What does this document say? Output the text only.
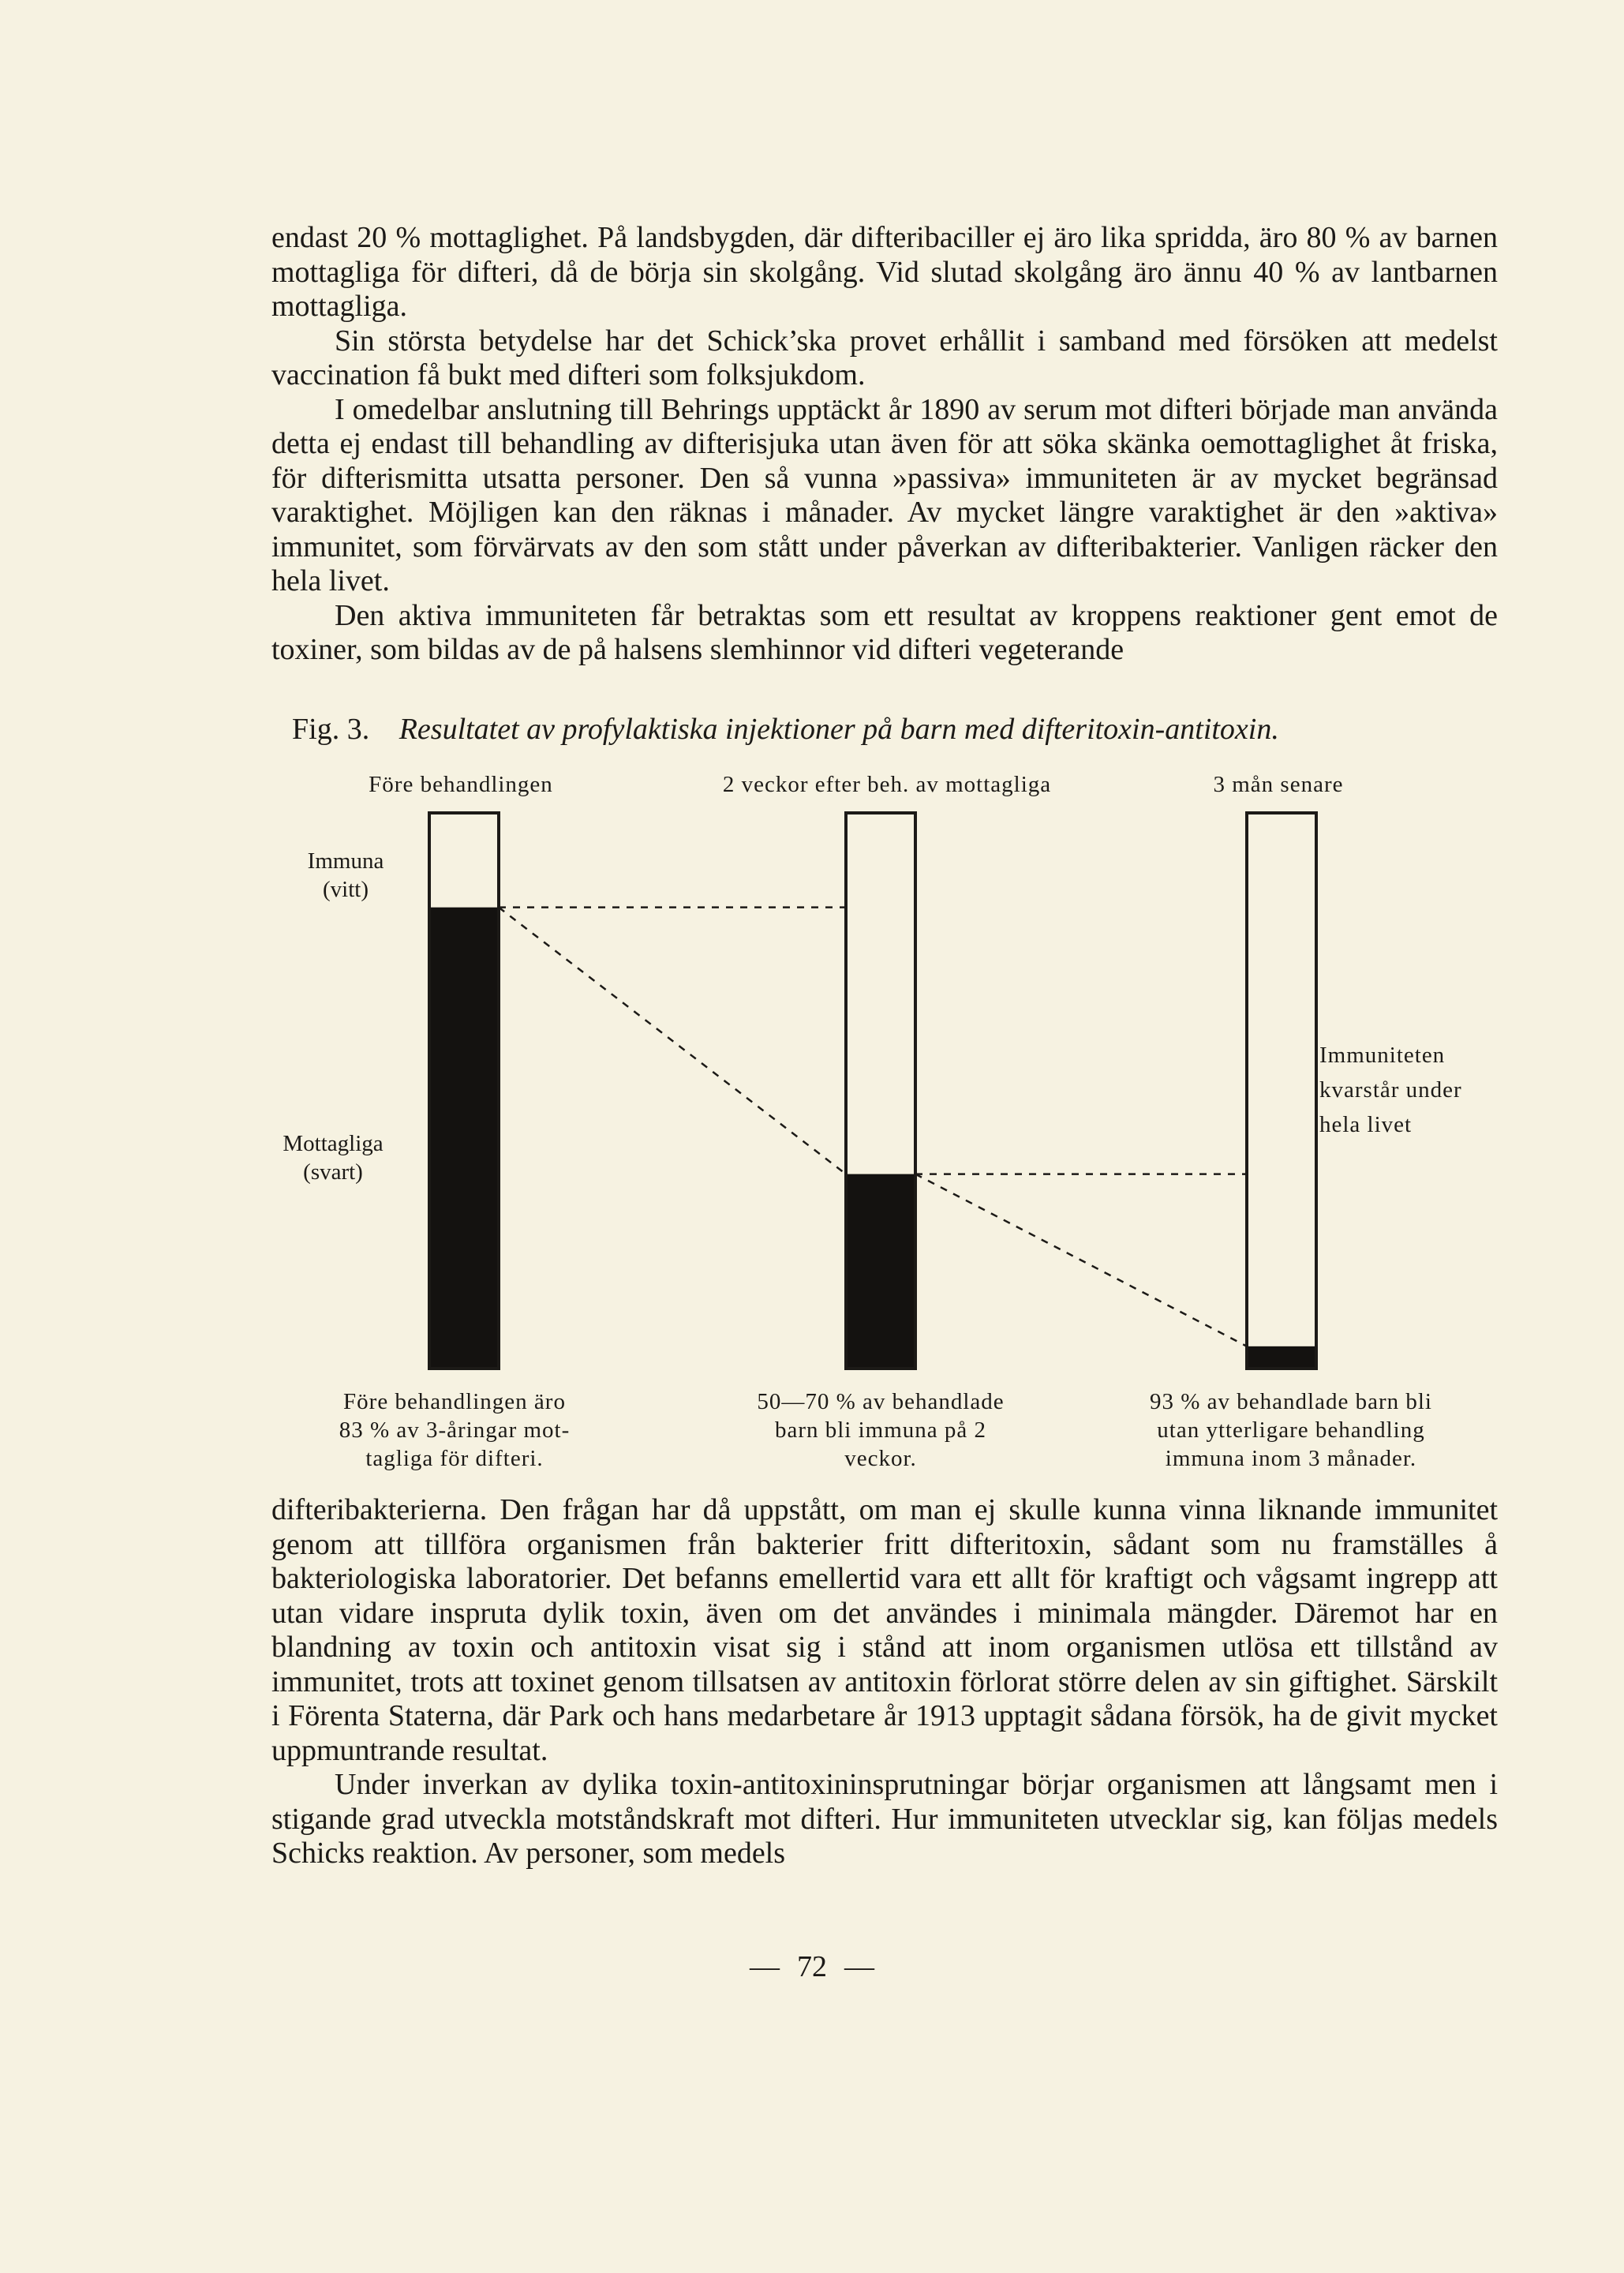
endast 20 % mottaglighet. På landsbygden, där difteribaciller ej äro lika spridda, äro 80 % av barnen mottagliga för difteri, då de börja sin skolgång. Vid slutad skolgång äro ännu 40 % av lantbarnen mottagliga.

Sin största betydelse har det Schick’ska provet erhållit i samband med försöken att medelst vaccination få bukt med difteri som folksjukdom.

I omedelbar anslutning till Behrings upptäckt år 1890 av serum mot difteri började man använda detta ej endast till behandling av difterisjuka utan även för att söka skänka oemottaglighet åt friska, för difterismitta utsatta personer. Den så vunna »passiva» immuniteten är av mycket begränsad varaktighet. Möjligen kan den räknas i månader. Av mycket längre varaktighet är den »aktiva» immunitet, som förvärvats av den som stått under påverkan av difteribakterier. Vanligen räcker den hela livet.

Den aktiva immuniteten får betraktas som ett resultat av kroppens reaktioner gent emot de toxiner, som bildas av de på halsens slemhinnor vid difteri vegeterande

Fig. 3. Resultatet av profylaktiska injektioner på barn med difteritoxin-antitoxin.
Före behandlingen	2 veckor efter beh. av mottagliga	3 mån senare
Immuna
(vitt)
Mottagliga
(svart)
Immuniteten
kvarstår under
hela livet
Före behandlingen äro
83 % av 3-åringar mot-
tagliga för difteri.
50—70 % av behandlade
barn bli immuna på 2
veckor.
93 % av behandlade barn bli
utan ytterligare behandling
immuna inom 3 månader.

difteribakterierna. Den frågan har då uppstått, om man ej skulle kunna vinna liknande immunitet genom att tillföra organismen från bakterier fritt difteritoxin, sådant som nu framställes å bakteriologiska laboratorier. Det befanns emellertid vara ett allt för kraftigt och vågsamt ingrepp att utan vidare inspruta dylik toxin, även om det användes i minimala mängder. Däremot har en blandning av toxin och antitoxin visat sig i stånd att inom organismen utlösa ett tillstånd av immunitet, trots att toxinet genom tillsatsen av antitoxin förlorat större delen av sin giftighet. Särskilt i Förenta Staterna, där Park och hans medarbetare år 1913 upptagit sådana försök, ha de givit mycket uppmuntrande resultat.

Under inverkan av dylika toxin-antitoxininsprutningar börjar organismen att långsamt men i stigande grad utveckla motståndskraft mot difteri. Hur immuniteten utvecklar sig, kan följas medels Schicks reaktion. Av personer, som medels

— 72 —
